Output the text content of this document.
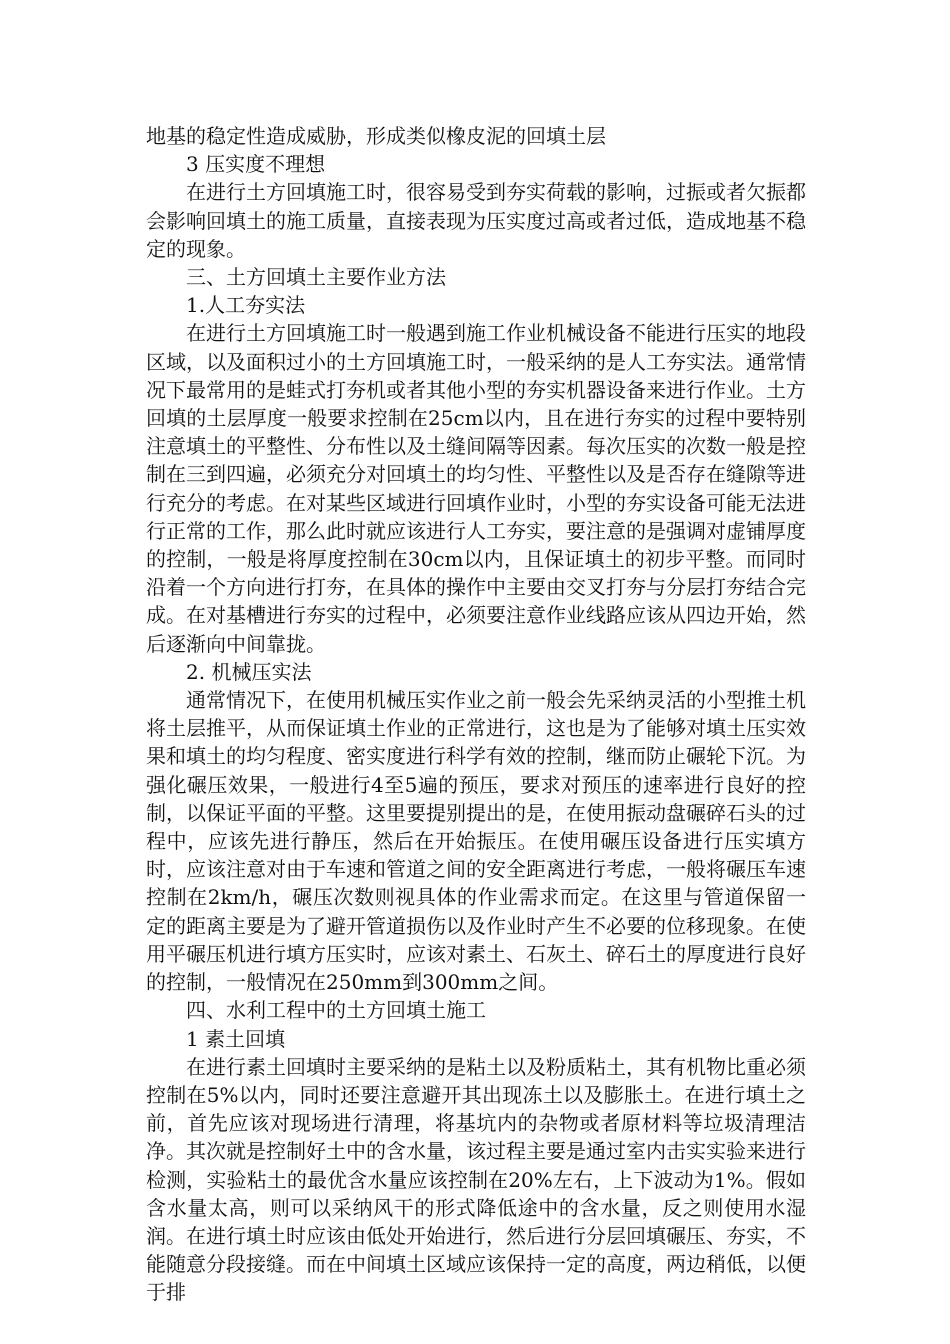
地基的稳定性造成威胁，形成类似橡皮泥的回填土层

3 压实度不理想

在进行土方回填施工时，很容易受到夯实荷载的影响，过振或者欠振都会影响回填土的施工质量，直接表现为压实度过高或者过低，造成地基不稳定的现象。

三、土方回填土主要作业方法

1.人工夯实法

在进行土方回填施工时一般遇到施工作业机械设备不能进行压实的地段区域，以及面积过小的土方回填施工时，一般采纳的是人工夯实法。通常情况下最常用的是蛙式打夯机或者其他小型的夯实机器设备来进行作业。土方回填的土层厚度一般要求控制在25cm以内，且在进行夯实的过程中要特别注意填土的平整性、分布性以及土缝间隔等因素。每次压实的次数一般是控制在三到四遍，必须充分对回填土的均匀性、平整性以及是否存在缝隙等进行充分的考虑。在对某些区域进行回填作业时，小型的夯实设备可能无法进行正常的工作，那么此时就应该进行人工夯实，要注意的是强调对虚铺厚度的控制，一般是将厚度控制在30cm以内，且保证填土的初步平整。而同时沿着一个方向进行打夯，在具体的操作中主要由交叉打夯与分层打夯结合完成。在对基槽进行夯实的过程中，必须要注意作业线路应该从四边开始，然后逐渐向中间靠拢。

2. 机械压实法

通常情况下，在使用机械压实作业之前一般会先采纳灵活的小型推土机将土层推平，从而保证填土作业的正常进行，这也是为了能够对填土压实效果和填土的均匀程度、密实度进行科学有效的控制，继而防止碾轮下沉。为强化碾压效果，一般进行4至5遍的预压，要求对预压的速率进行良好的控制，以保证平面的平整。这里要提别提出的是，在使用振动盘碾碎石头的过程中，应该先进行静压，然后在开始振压。在使用碾压设备进行压实填方时，应该注意对由于车速和管道之间的安全距离进行考虑，一般将碾压车速控制在2km/h，碾压次数则视具体的作业需求而定。在这里与管道保留一定的距离主要是为了避开管道损伤以及作业时产生不必要的位移现象。在使用平碾压机进行填方压实时，应该对素土、石灰土、碎石土的厚度进行良好的控制，一般情况在250mm到300mm之间。

四、水利工程中的土方回填土施工

1 素土回填

在进行素土回填时主要采纳的是粘土以及粉质粘土，其有机物比重必须控制在5%以内，同时还要注意避开其出现冻土以及膨胀土。在进行填土之前，首先应该对现场进行清理，将基坑内的杂物或者原材料等垃圾清理洁净。其次就是控制好土中的含水量，该过程主要是通过室内击实实验来进行检测，实验粘土的最优含水量应该控制在20%左右，上下波动为1%。假如含水量太高，则可以采纳风干的形式降低途中的含水量，反之则使用水湿润。在进行填土时应该由低处开始进行，然后进行分层回填碾压、夯实，不能随意分段接缝。而在中间填土区域应该保持一定的高度，两边稍低，以便于排
